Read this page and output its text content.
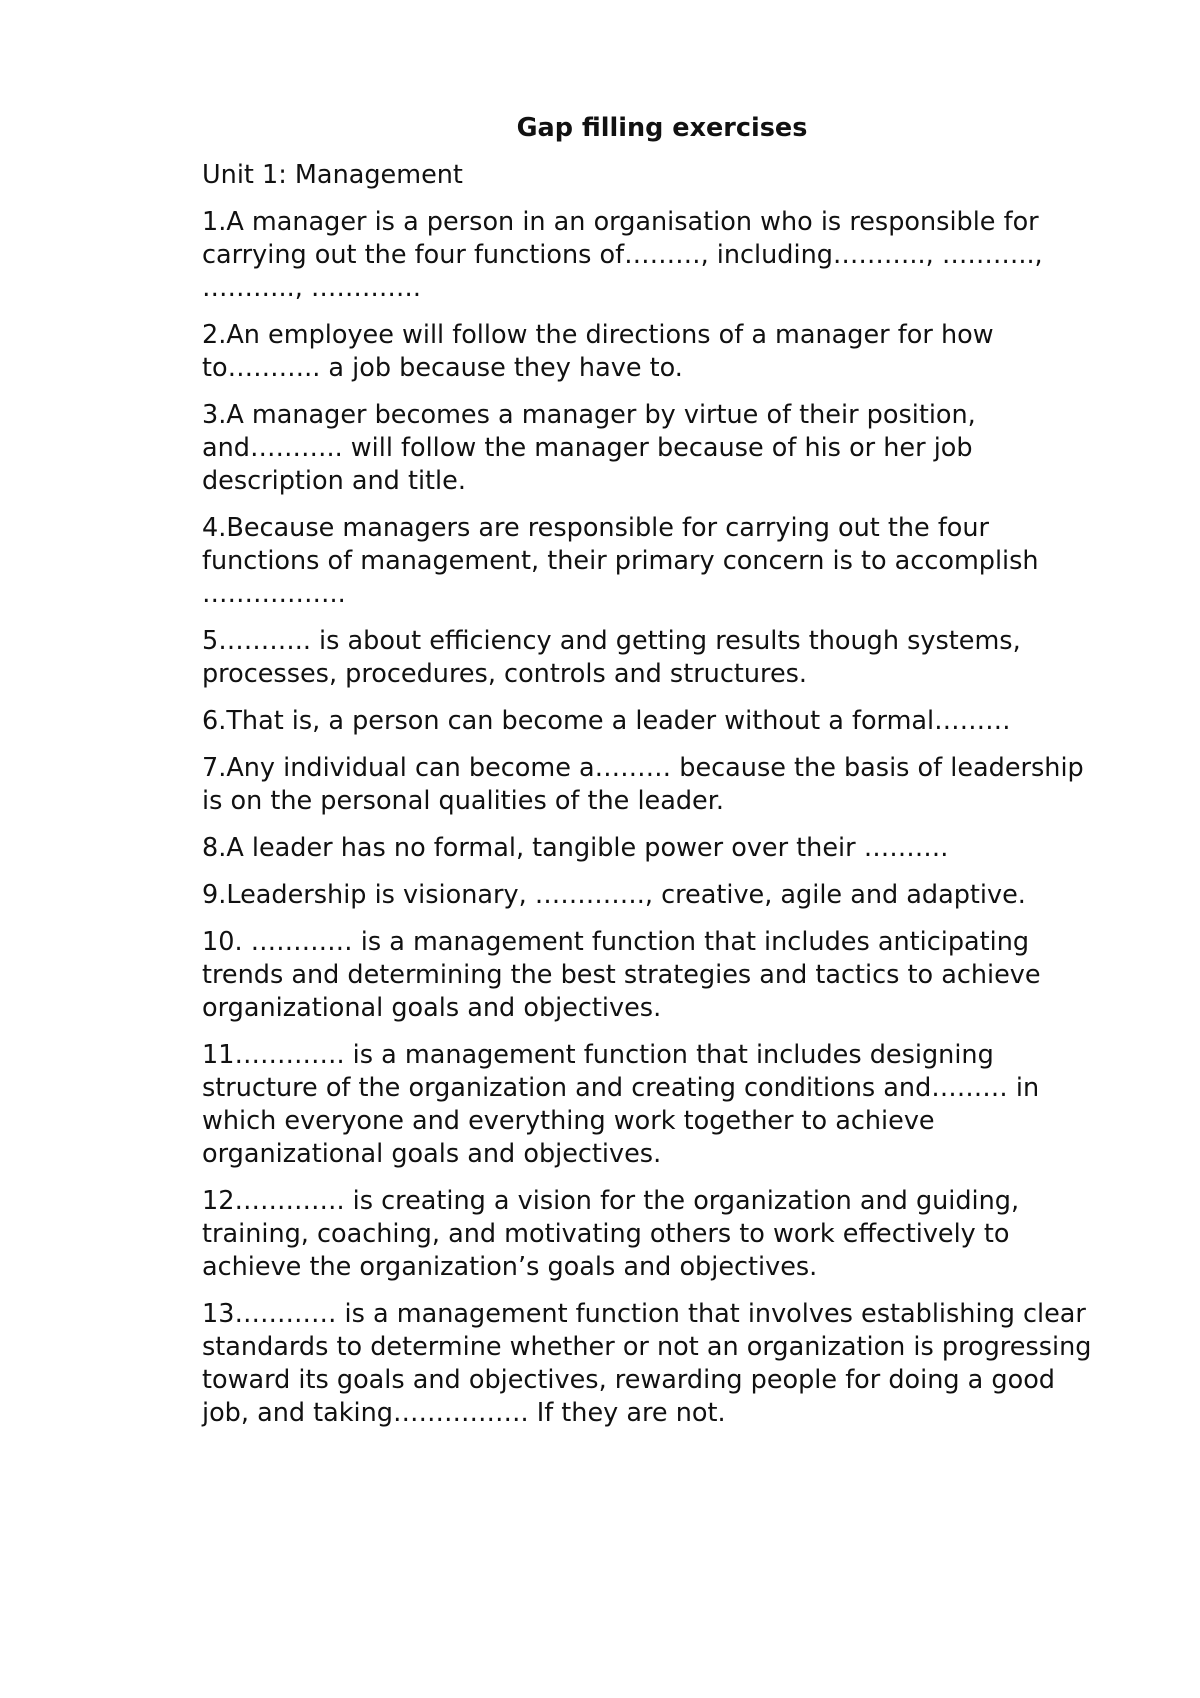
Gap filling exercises

Unit 1: Management

1.A manager is a person in an organisation who is responsible for carrying out the four functions of………, including……….., ……….., ……….., ………….

2.An employee will follow the directions of a manager for how to……….. a job because they have to.

3.A manager becomes a manager by virtue of their position, and……….. will follow the manager because of his or her job description and title.

4.Because managers are responsible for carrying out the four functions of management, their primary concern is to accomplish ……………..

5……….. is about efficiency and getting results though systems, processes, procedures, controls and structures.

6.That is, a person can become a leader without a formal………

7.Any individual can become a……… because the basis of leadership is on the personal qualities of the leader.

8.A leader has no formal, tangible power over their ……….

9.Leadership is visionary, …………., creative, agile and adaptive.

10. ………… is a management function that includes anticipating trends and determining the best strategies and tactics to achieve organizational goals and objectives.

11…………. is a management function that includes designing structure of the organization and creating conditions and……… in which everyone and everything work together to achieve organizational goals and objectives.

12…………. is creating a vision for the organization and guiding, training, coaching, and motivating others to work effectively to achieve the organization’s goals and objectives.

13………… is a management function that involves establishing clear standards to determine whether or not an organization is progressing toward its goals and objectives, rewarding people for doing a good job, and taking……………. If they are not.
